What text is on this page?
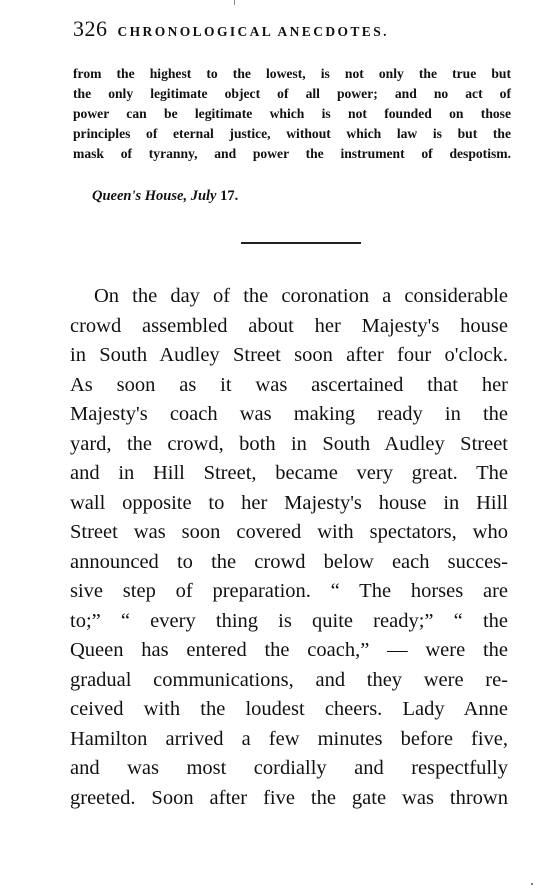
326 CHRONOLOGICAL ANECDOTES.
from the highest to the lowest, is not only the true but
the only legitimate object of all power; and no act of
power can be legitimate which is not founded on those
principles of eternal justice, without which law is but the
mask of tyranny, and power the instrument of despotism.
Queen's House, July 17.
On the day of the coronation a considerable
crowd assembled about her Majesty's house
in South Audley Street soon after four o'clock.
As soon as it was ascertained that her
Majesty's coach was making ready in the
yard, the crowd, both in South Audley Street
and in Hill Street, became very great. The
wall opposite to her Majesty's house in Hill
Street was soon covered with spectators, who
announced to the crowd below each succes-
sive step of preparation. “ The horses are
to;” “ every thing is quite ready;” “ the
Queen has entered the coach,” — were the
gradual communications, and they were re-
ceived with the loudest cheers. Lady Anne
Hamilton arrived a few minutes before five,
and was most cordially and respectfully
greeted. Soon after five the gate was thrown
